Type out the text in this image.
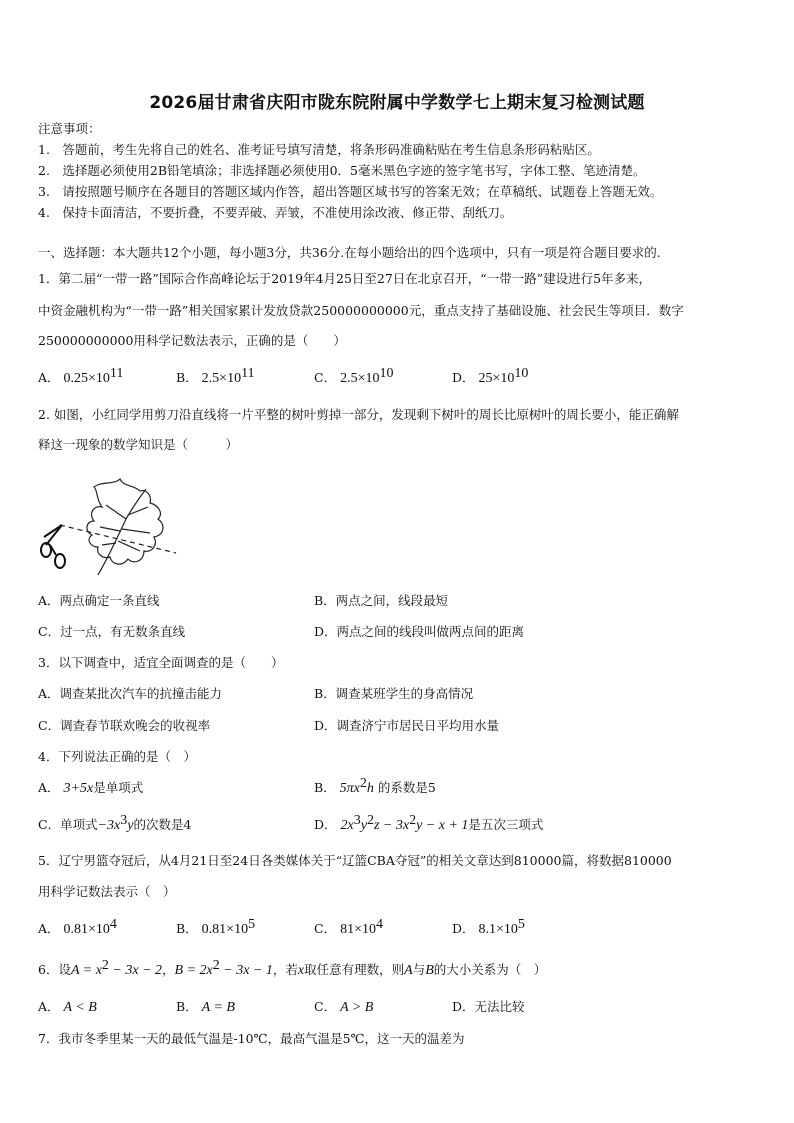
2026届甘肃省庆阳市陇东院附属中学数学七上期末复习检测试题
注意事项：
1.　答题前，考生先将自己的姓名、准考证号填写清楚，将条形码准确粘贴在考生信息条形码粘贴区。
2.　选择题必须使用2B铅笔填涂；非选择题必须使用0．5毫米黑色字迹的签字笔书写，字体工整、笔迹清楚。
3.　请按照题号顺序在各题目的答题区域内作答，超出答题区域书写的答案无效；在草稿纸、试题卷上答题无效。
4.　保持卡面清洁，不要折叠，不要弄破、弄皱，不准使用涂改液、修正带、刮纸刀。
一、选择题：本大题共12个小题，每小题3分，共36分.在每小题给出的四个选项中，只有一项是符合题目要求的.
1．第二届“一带一路”国际合作高峰论坛于2019年4月25日至27日在北京召开，“一带一路”建设进行5年多来，
中资金融机构为“一带一路”相关国家累计发放贷款250000000000元，重点支持了基础设施、社会民生等项目．数字
250000000000用科学记数法表示，正确的是（　　）
A． $0.25\times 10^{11}$	B． $2.5\times 10^{11}$	C． $2.5\times 10^{10}$	D． $25\times 10^{10}$
2. 如图，小红同学用剪刀沿直线将一片平整的树叶剪掉一部分，发现剩下树叶的周长比原树叶的周长要小，能正确解
释这一现象的数学知识是（　　　）
A．两点确定一条直线	B．两点之间，线段最短
C．过一点，有无数条直线	D．两点之间的线段叫做两点间的距离
3．以下调查中，适宜全面调查的是（　　）
A．调查某批次汽车的抗撞击能力	B．调查某班学生的身高情况
C．调查春节联欢晚会的收视率	D．调查济宁市居民日平均用水量
4．下列说法正确的是（　）
A． 3+5x是单项式	B． $5\pi x^2h$ 的系数是5
C．单项式$-3x^3y$的次数是4	D． $2x^3y^2z - 3x^2y - x + 1$是五次三项式
5．辽宁男篮夺冠后，从4月21日至24日各类媒体关于“辽篮CBA夺冠”的相关文章达到810000篇，将数据810000
用科学记数法表示（　）
A． $0.81\times 10^4$	B． $0.81\times 10^5$	C． $81\times 10^4$	D． $8.1\times 10^5$
6．设$A = x^2 - 3x - 2$，$B = 2x^2 - 3x - 1$，若x取任意有理数，则A与B的大小关系为（　）
A． A < B	B． A = B	C． A > B	D．无法比较
7．我市冬季里某一天的最低气温是-10℃，最高气温是5℃，这一天的温差为
